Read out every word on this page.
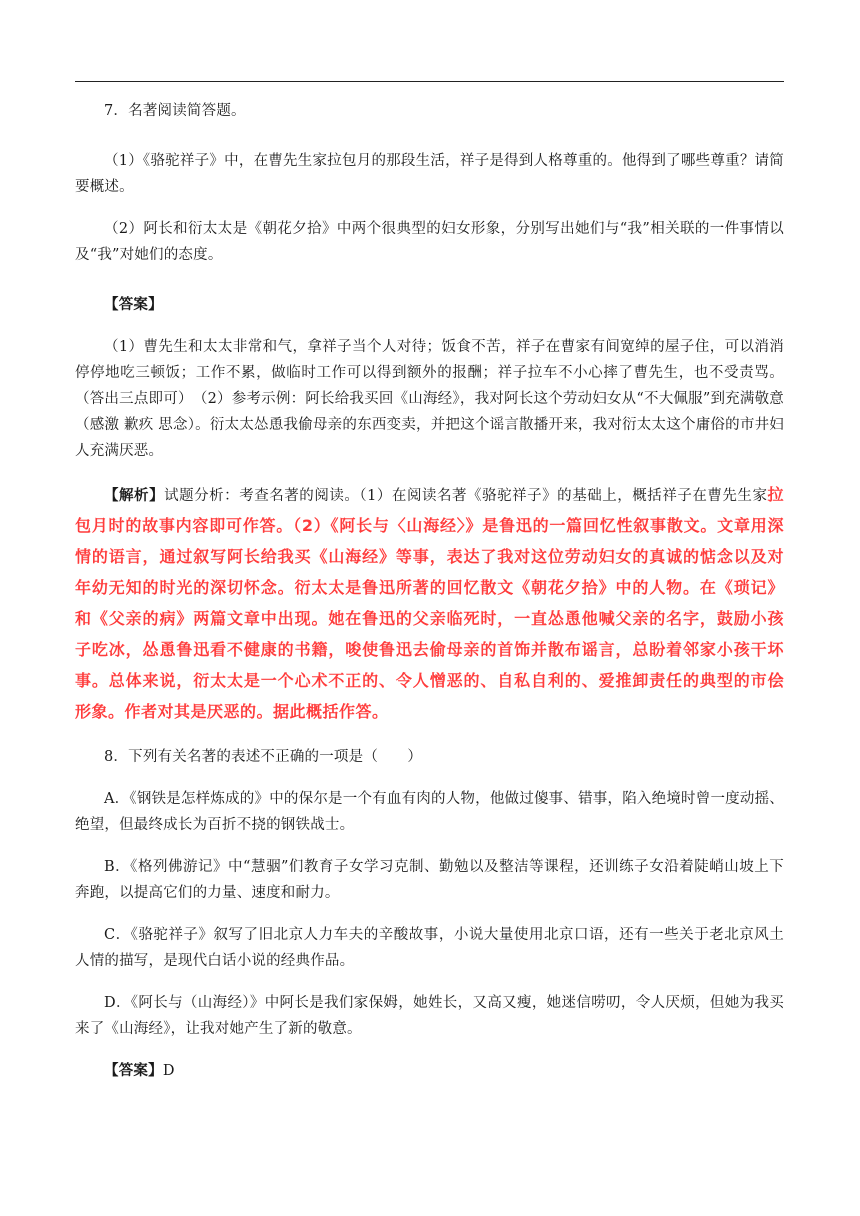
7．名著阅读简答题。

（1）《骆驼祥子》中，在曹先生家拉包月的那段生活，祥子是得到人格尊重的。他得到了哪些尊重？请简要概述。

（2）阿长和衍太太是《朝花夕拾》中两个很典型的妇女形象，分别写出她们与“我”相关联的一件事情以及“我”对她们的态度。

【答案】

（1）曹先生和太太非常和气，拿祥子当个人对待；饭食不苦，祥子在曹家有间宽绰的屋子住，可以消消停停地吃三顿饭；工作不累，做临时工作可以得到额外的报酬；祥子拉车不小心摔了曹先生，也不受责骂。（答出三点即可）　（2）参考示例：阿长给我买回《山海经》，我对阿长这个劳动妇女从“不大佩服”到充满敬意（感激 歉疚 思念）。衍太太怂恿我偷母亲的东西变卖，并把这个谣言散播开来，我对衍太太这个庸俗的市井妇人充满厌恶。

【解析】试题分析：考查名著的阅读。（1）在阅读名著《骆驼祥子》的基础上，概括祥子在曹先生家拉包月时的故事内容即可作答。（2）《阿长与〈山海经〉》是鲁迅的一篇回忆性叙事散文。文章用深情的语言，通过叙写阿长给我买《山海经》等事，表达了我对这位劳动妇女的真诚的惦念以及对年幼无知的时光的深切怀念。衍太太是鲁迅所著的回忆散文《朝花夕拾》中的人物。在《琐记》和《父亲的病》两篇文章中出现。她在鲁迅的父亲临死时，一直怂恿他喊父亲的名字，鼓励小孩子吃冰，怂恿鲁迅看不健康的书籍，唆使鲁迅去偷母亲的首饰并散布谣言，总盼着邻家小孩干坏事。总体来说，衍太太是一个心术不正的、令人憎恶的、自私自利的、爱推卸责任的典型的市侩形象。作者对其是厌恶的。据此概括作答。

8．下列有关名著的表述不正确的一项是（　　）

A．《钢铁是怎样炼成的》中的保尔是一个有血有肉的人物，他做过傻事、错事，陷入绝境时曾一度动摇、绝望，但最终成长为百折不挠的钢铁战士。

B．《格列佛游记》中“慧骃”们教育子女学习克制、勤勉以及整洁等课程，还训练子女沿着陡峭山坡上下奔跑，以提高它们的力量、速度和耐力。

C．《骆驼祥子》叙写了旧北京人力车夫的辛酸故事，小说大量使用北京口语，还有一些关于老北京风土人情的描写，是现代白话小说的经典作品。

D．《阿长与（山海经）》中阿长是我们家保姆，她姓长，又高又瘦，她迷信唠叨，令人厌烦，但她为我买来了《山海经》，让我对她产生了新的敬意。

【答案】D
